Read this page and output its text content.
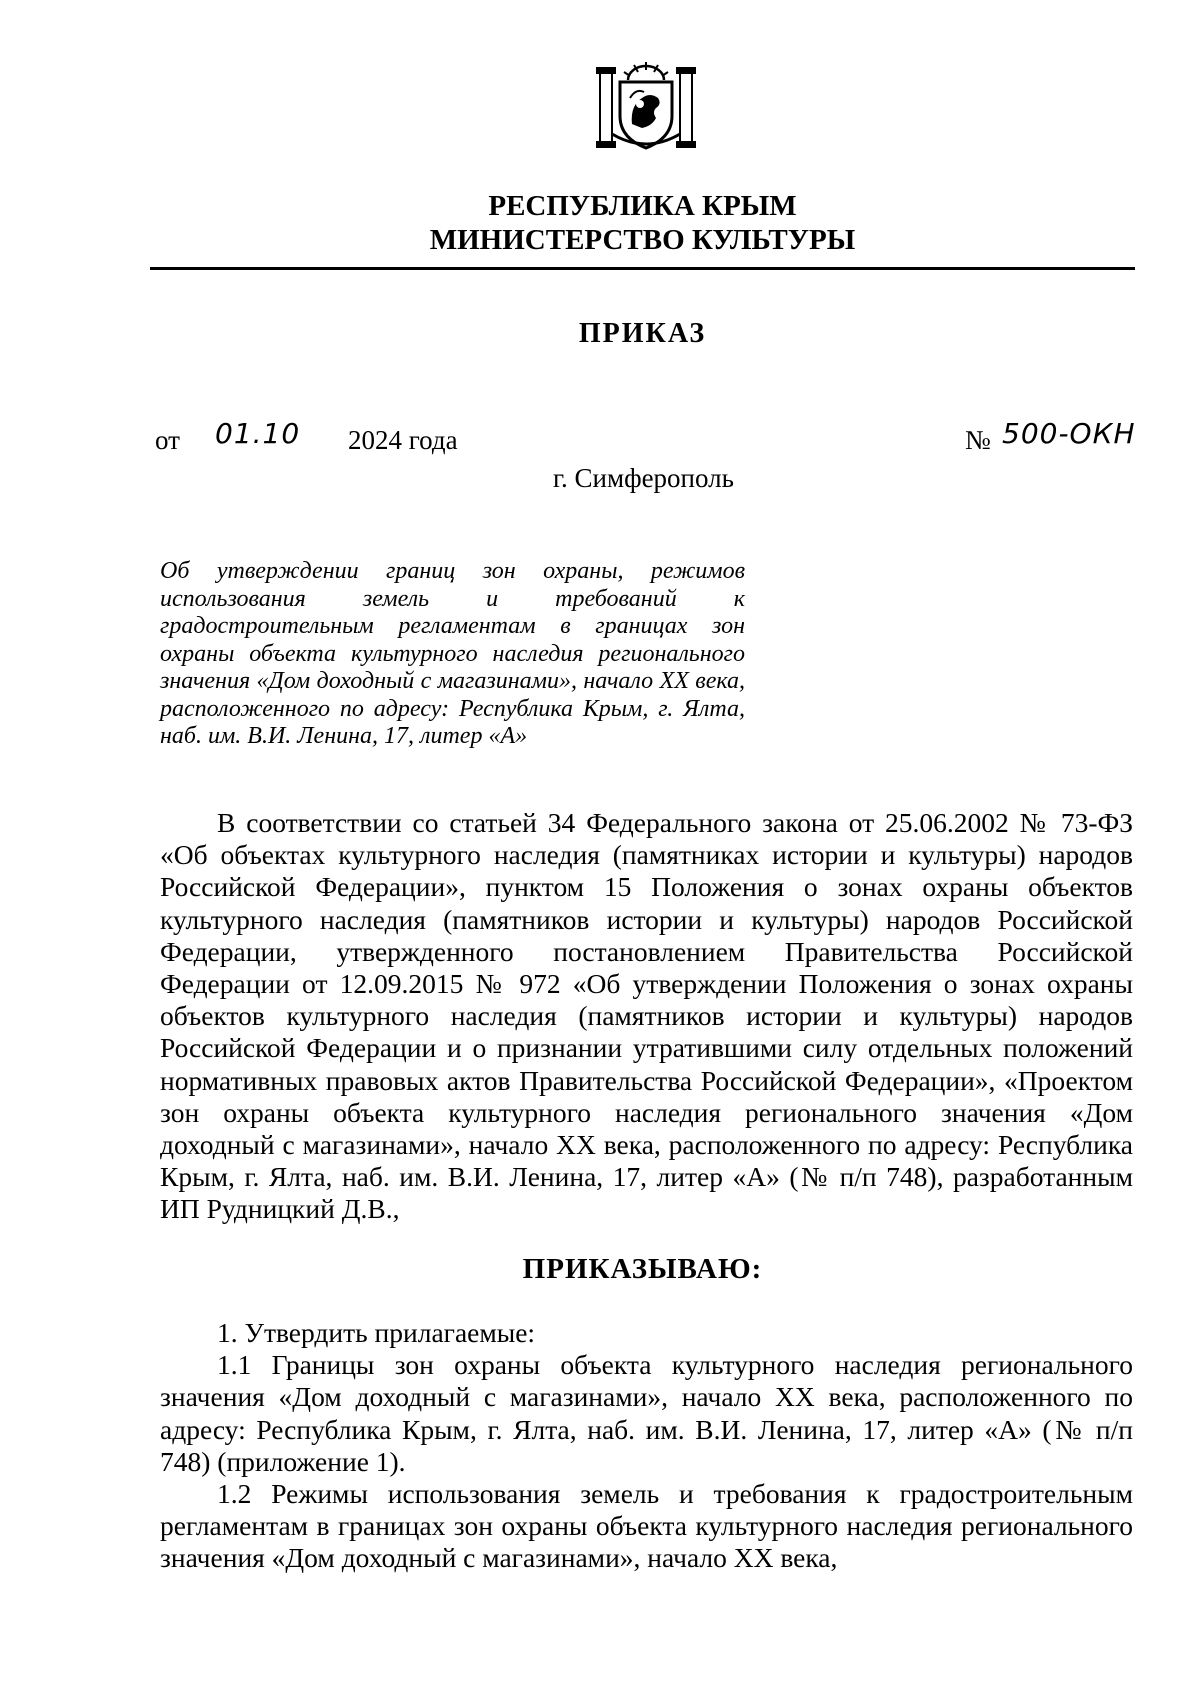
РЕСПУБЛИКА КРЫМ
МИНИСТЕРСТВО КУЛЬТУРЫ
ПРИКАЗ
от 01.10 2024 года	№ 500-ОКН
г. Симферополь
Об утверждении границ зон охраны, режимов использования земель и требований к градостроительным регламентам в границах зон охраны объекта культурного наследия регионального значения «Дом доходный с магазинами», начало XX века, расположенного по адресу: Республика Крым, г. Ялта, наб. им. В.И. Ленина, 17, литер «А»

В соответствии со статьей 34 Федерального закона от 25.06.2002 № 73-ФЗ «Об объектах культурного наследия (памятниках истории и культуры) народов Российской Федерации», пунктом 15 Положения о зонах охраны объектов культурного наследия (памятников истории и культуры) народов Российской Федерации, утвержденного постановлением Правительства Российской Федерации от 12.09.2015 № 972 «Об утверждении Положения о зонах охраны объектов культурного наследия (памятников истории и культуры) народов Российской Федерации и о признании утратившими силу отдельных положений нормативных правовых актов Правительства Российской Федерации», «Проектом зон охраны объекта культурного наследия регионального значения «Дом доходный с магазинами», начало XX века, расположенного по адресу: Республика Крым, г. Ялта, наб. им. В.И. Ленина, 17, литер «А» (№ п/п 748), разработанным ИП Рудницкий Д.В.,

ПРИКАЗЫВАЮ:

1. Утвердить прилагаемые:

1.1 Границы зон охраны объекта культурного наследия регионального значения «Дом доходный с магазинами», начало XX века, расположенного по адресу: Республика Крым, г. Ялта, наб. им. В.И. Ленина, 17, литер «А» (№ п/п 748) (приложение 1).

1.2 Режимы использования земель и требования к градостроительным регламентам в границах зон охраны объекта культурного наследия регионального значения «Дом доходный с магазинами», начало XX века,
